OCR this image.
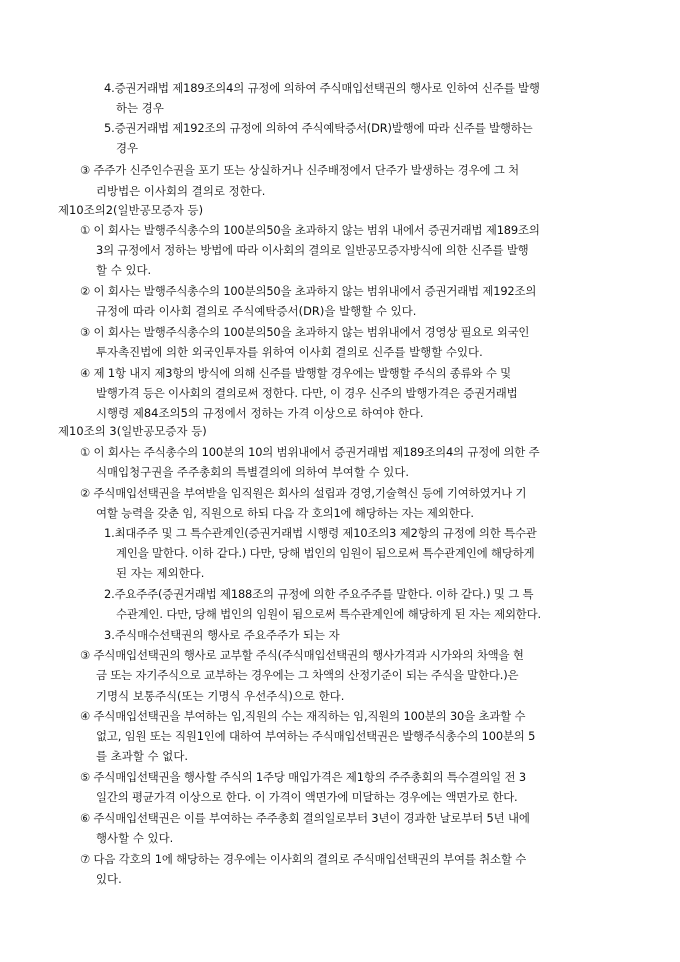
4.증권거래법 제189조의4의 규정에 의하여 주식매입선택권의 행사로 인하여 신주를 발행

하는 경우

5.증권거래법 제192조의 규정에 의하여 주식예탁증서(DR)발행에 따라 신주를 발행하는

경우

③ 주주가 신주인수권을 포기 또는 상실하거나 신주배정에서 단주가 발생하는 경우에 그 처

리방법은 이사회의 결의로 정한다.

제10조의2(일반공모증자 등)

① 이 회사는 발행주식총수의 100분의50을 초과하지 않는 범위 내에서 증권거래법 제189조의

3의 규정에서 정하는 방법에 따라 이사회의 결의로 일반공모증자방식에 의한 신주를 발행

할 수 있다.

② 이 회사는 발행주식총수의 100분의50을 초과하지 않는 범위내에서 증권거래법 제192조의

규정에 따라 이사회 결의로 주식예탁증서(DR)을 발행할 수 있다.

③ 이 회사는 발행주식총수의 100분의50을 초과하지 않는 범위내에서 경영상 필요로 외국인

투자촉진법에 의한 외국인투자를 위하여 이사회 결의로 신주를 발행할 수있다.

④ 제 1항 내지 제3항의 방식에 의해 신주를 발행할 경우에는 발행할 주식의 종류와 수 및

발행가격 등은 이사회의 결의로써 정한다. 다만, 이 경우 신주의 발행가격은 증권거래법

시행령 제84조의5의 규정에서 정하는 가격 이상으로 하여야 한다.

제10조의 3(일반공모증자 등)

① 이 회사는 주식총수의 100분의 10의 범위내에서 증권거래법 제189조의4의 규정에 의한 주

식매입청구권을 주주총회의 특별결의에 의하여 부여할 수 있다.

② 주식매입선택권을 부여받을 임직원은 회사의 설립과 경영,기술혁신 등에 기여하였거나 기

여할 능력을 갖춘 임, 직원으로 하되 다음 각 호의1에 해당하는 자는 제외한다.

1.최대주주 및 그 특수관계인(증권거래법 시행령 제10조의3 제2항의 규정에 의한 특수관

계인을 말한다. 이하 같다.) 다만, 당해 법인의 임원이 됨으로써 특수관계인에 해당하게

된 자는 제외한다.

2.주요주주(증권거래법 제188조의 규정에 의한 주요주주를 말한다. 이하 같다.) 및 그 특

수관계인. 다만, 당해 법인의 임원이 됨으로써 특수관계인에 해당하게 된 자는 제외한다.

3.주식매수선택권의 행사로 주요주주가 되는 자

③ 주식매입선택권의 행사로 교부할 주식(주식매입선택권의 행사가격과 시가와의 차액을 현

금 또는 자기주식으로 교부하는 경우에는 그 차액의 산정기준이 되는 주식을 말한다.)은

기명식 보통주식(또는 기명식 우선주식)으로 한다.

④ 주식매입선택권을 부여하는 임,직원의 수는 재직하는 임,직원의 100분의 30을 초과할 수

없고, 임원 또는 직원1인에 대하여 부여하는 주식매입선택권은 발행주식총수의 100분의 5

를 초과할 수 없다.

⑤ 주식매입선택권을 행사할 주식의 1주당 매입가격은 제1항의 주주총회의 특수결의일 전 3

일간의 평균가격 이상으로 한다. 이 가격이 액면가에 미달하는 경우에는 액면가로 한다.

⑥ 주식매입선택권은 이를 부여하는 주주총회 결의일로부터 3년이 경과한 날로부터 5년 내에

행사할 수 있다.

⑦ 다음 각호의 1에 해당하는 경우에는 이사회의 결의로 주식매입선택권의 부여를 취소할 수

있다.
